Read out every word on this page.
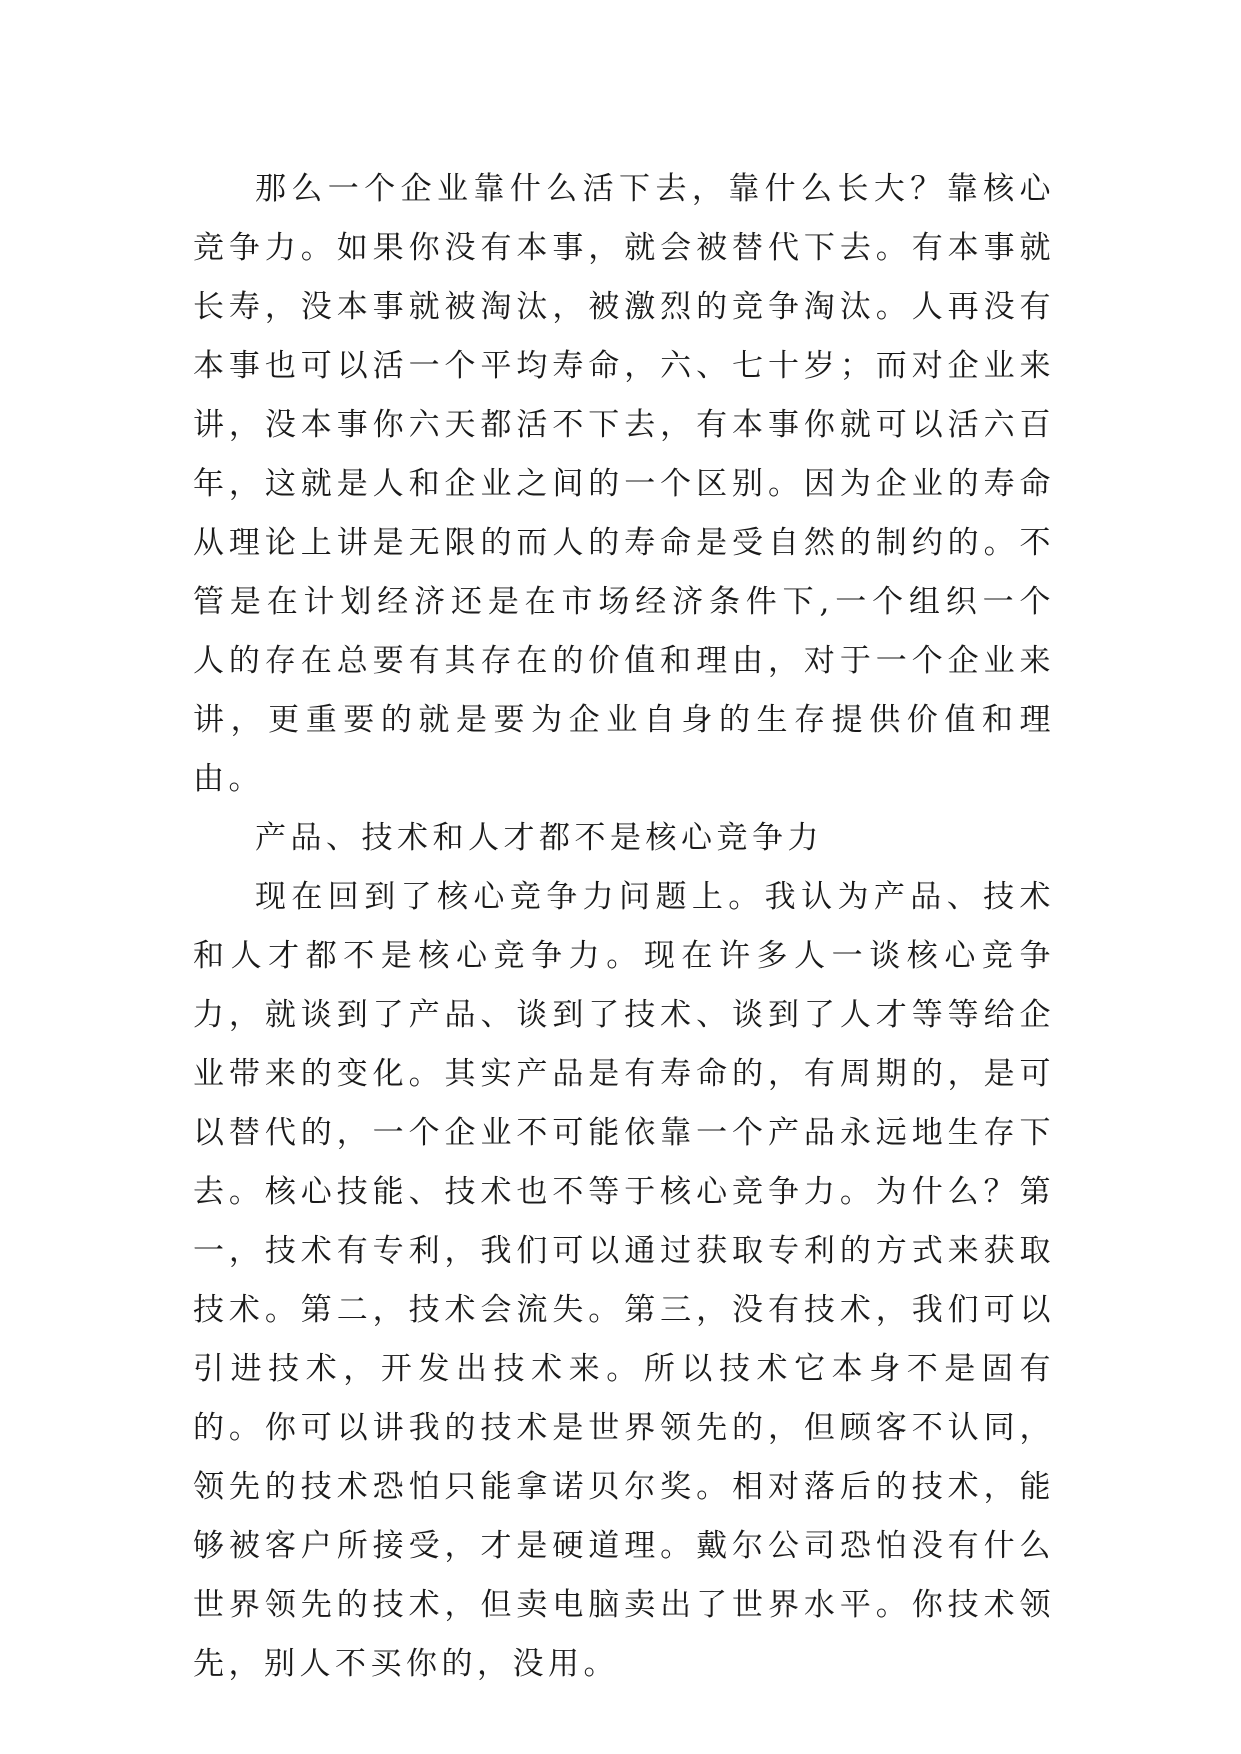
那么一个企业靠什么活下去，靠什么长大？靠核心竞争力。如果你没有本事，就会被替代下去。有本事就长寿，没本事就被淘汰，被激烈的竞争淘汰。人再没有本事也可以活一个平均寿命，六、七十岁；而对企业来讲，没本事你六天都活不下去，有本事你就可以活六百年，这就是人和企业之间的一个区别。因为企业的寿命从理论上讲是无限的而人的寿命是受自然的制约的。不管是在计划经济还是在市场经济条件下,一个组织一个人的存在总要有其存在的价值和理由，对于一个企业来讲，更重要的就是要为企业自身的生存提供价值和理由。

产品、技术和人才都不是核心竞争力

现在回到了核心竞争力问题上。我认为产品、技术和人才都不是核心竞争力。现在许多人一谈核心竞争力，就谈到了产品、谈到了技术、谈到了人才等等给企业带来的变化。其实产品是有寿命的，有周期的，是可以替代的，一个企业不可能依靠一个产品永远地生存下去。核心技能、技术也不等于核心竞争力。为什么？第一，技术有专利，我们可以通过获取专利的方式来获取技术。第二，技术会流失。第三，没有技术，我们可以引进技术，开发出技术来。所以技术它本身不是固有的。你可以讲我的技术是世界领先的，但顾客不认同，领先的技术恐怕只能拿诺贝尔奖。相对落后的技术，能够被客户所接受，才是硬道理。戴尔公司恐怕没有什么世界领先的技术，但卖电脑卖出了世界水平。你技术领先，别人不买你的，没用。
